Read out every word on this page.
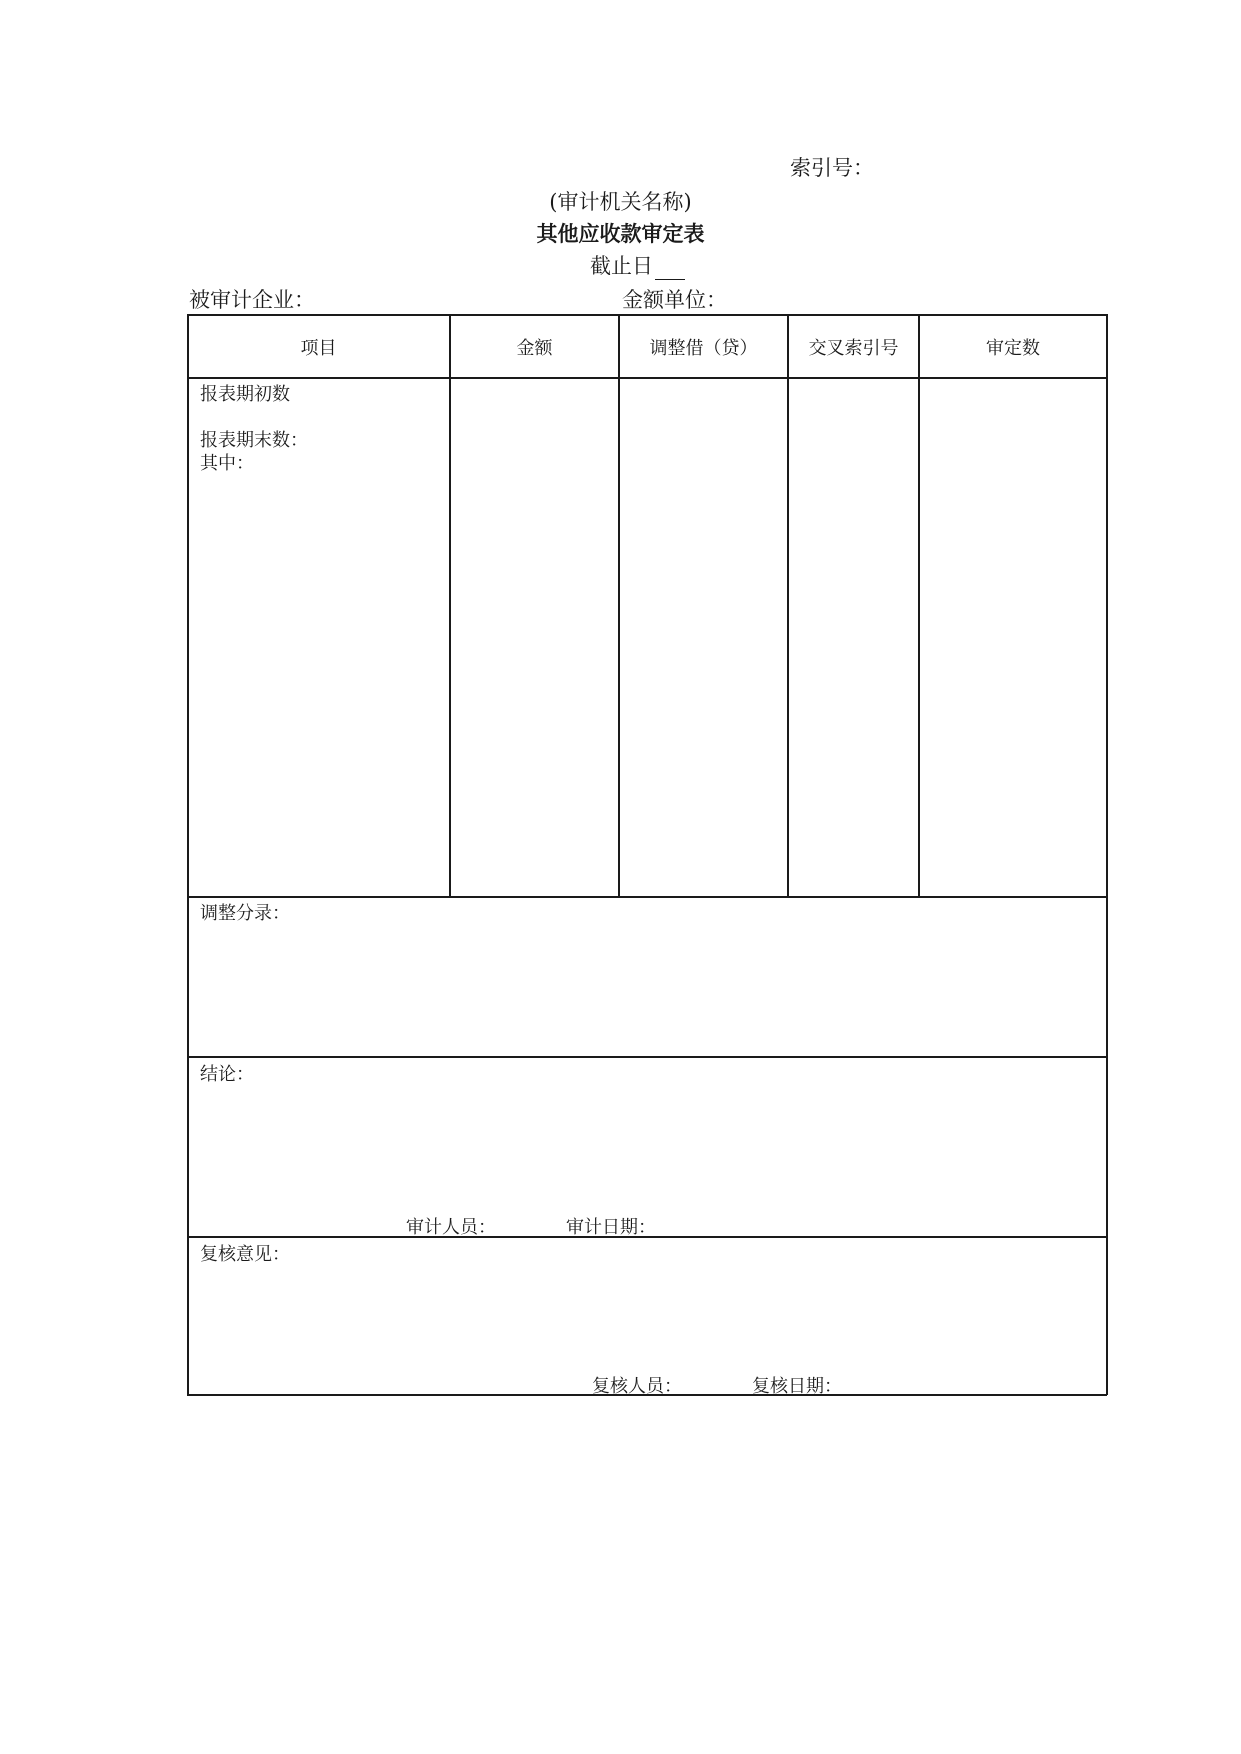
索引号：
(审计机关名称)
其他应收款审定表
截止日
被审计企业：	金额单位：
项目	金额	调整借（贷）	交叉索引号	审定数
报表期初数
报表期末数：
其中：
调整分录：
结论：
审计人员：	审计日期：
复核意见：
复核人员：	复核日期：
